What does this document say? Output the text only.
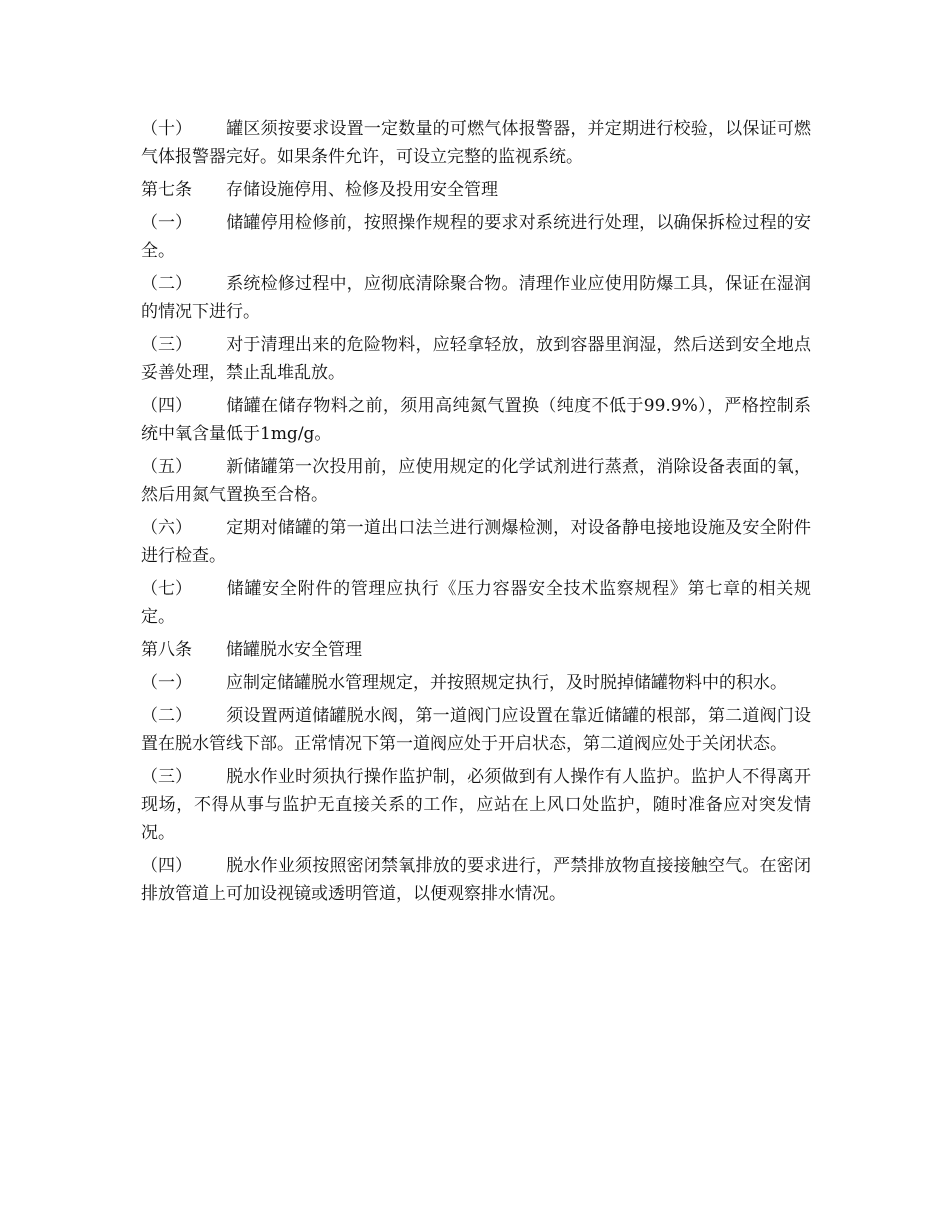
（十） 罐区须按要求设置一定数量的可燃气体报警器，并定期进行校验，以保证可燃气体报警器完好。如果条件允许，可设立完整的监视系统。

第七条 存储设施停用、检修及投用安全管理

（一） 储罐停用检修前，按照操作规程的要求对系统进行处理，以确保拆检过程的安全。

（二） 系统检修过程中，应彻底清除聚合物。清理作业应使用防爆工具，保证在湿润的情况下进行。

（三） 对于清理出来的危险物料，应轻拿轻放，放到容器里润湿，然后送到安全地点妥善处理，禁止乱堆乱放。

（四） 储罐在储存物料之前，须用高纯氮气置换（纯度不低于99.9%），严格控制系统中氧含量低于1mg/g。

（五） 新储罐第一次投用前，应使用规定的化学试剂进行蒸煮，消除设备表面的氧，然后用氮气置换至合格。

（六） 定期对储罐的第一道出口法兰进行测爆检测，对设备静电接地设施及安全附件进行检查。

（七） 储罐安全附件的管理应执行《压力容器安全技术监察规程》第七章的相关规定。

第八条 储罐脱水安全管理

（一） 应制定储罐脱水管理规定，并按照规定执行，及时脱掉储罐物料中的积水。

（二） 须设置两道储罐脱水阀，第一道阀门应设置在靠近储罐的根部，第二道阀门设置在脱水管线下部。正常情况下第一道阀应处于开启状态，第二道阀应处于关闭状态。

（三） 脱水作业时须执行操作监护制，必须做到有人操作有人监护。监护人不得离开现场，不得从事与监护无直接关系的工作，应站在上风口处监护，随时准备应对突发情况。

（四） 脱水作业须按照密闭禁氧排放的要求进行，严禁排放物直接接触空气。在密闭排放管道上可加设视镜或透明管道，以便观察排水情况。
